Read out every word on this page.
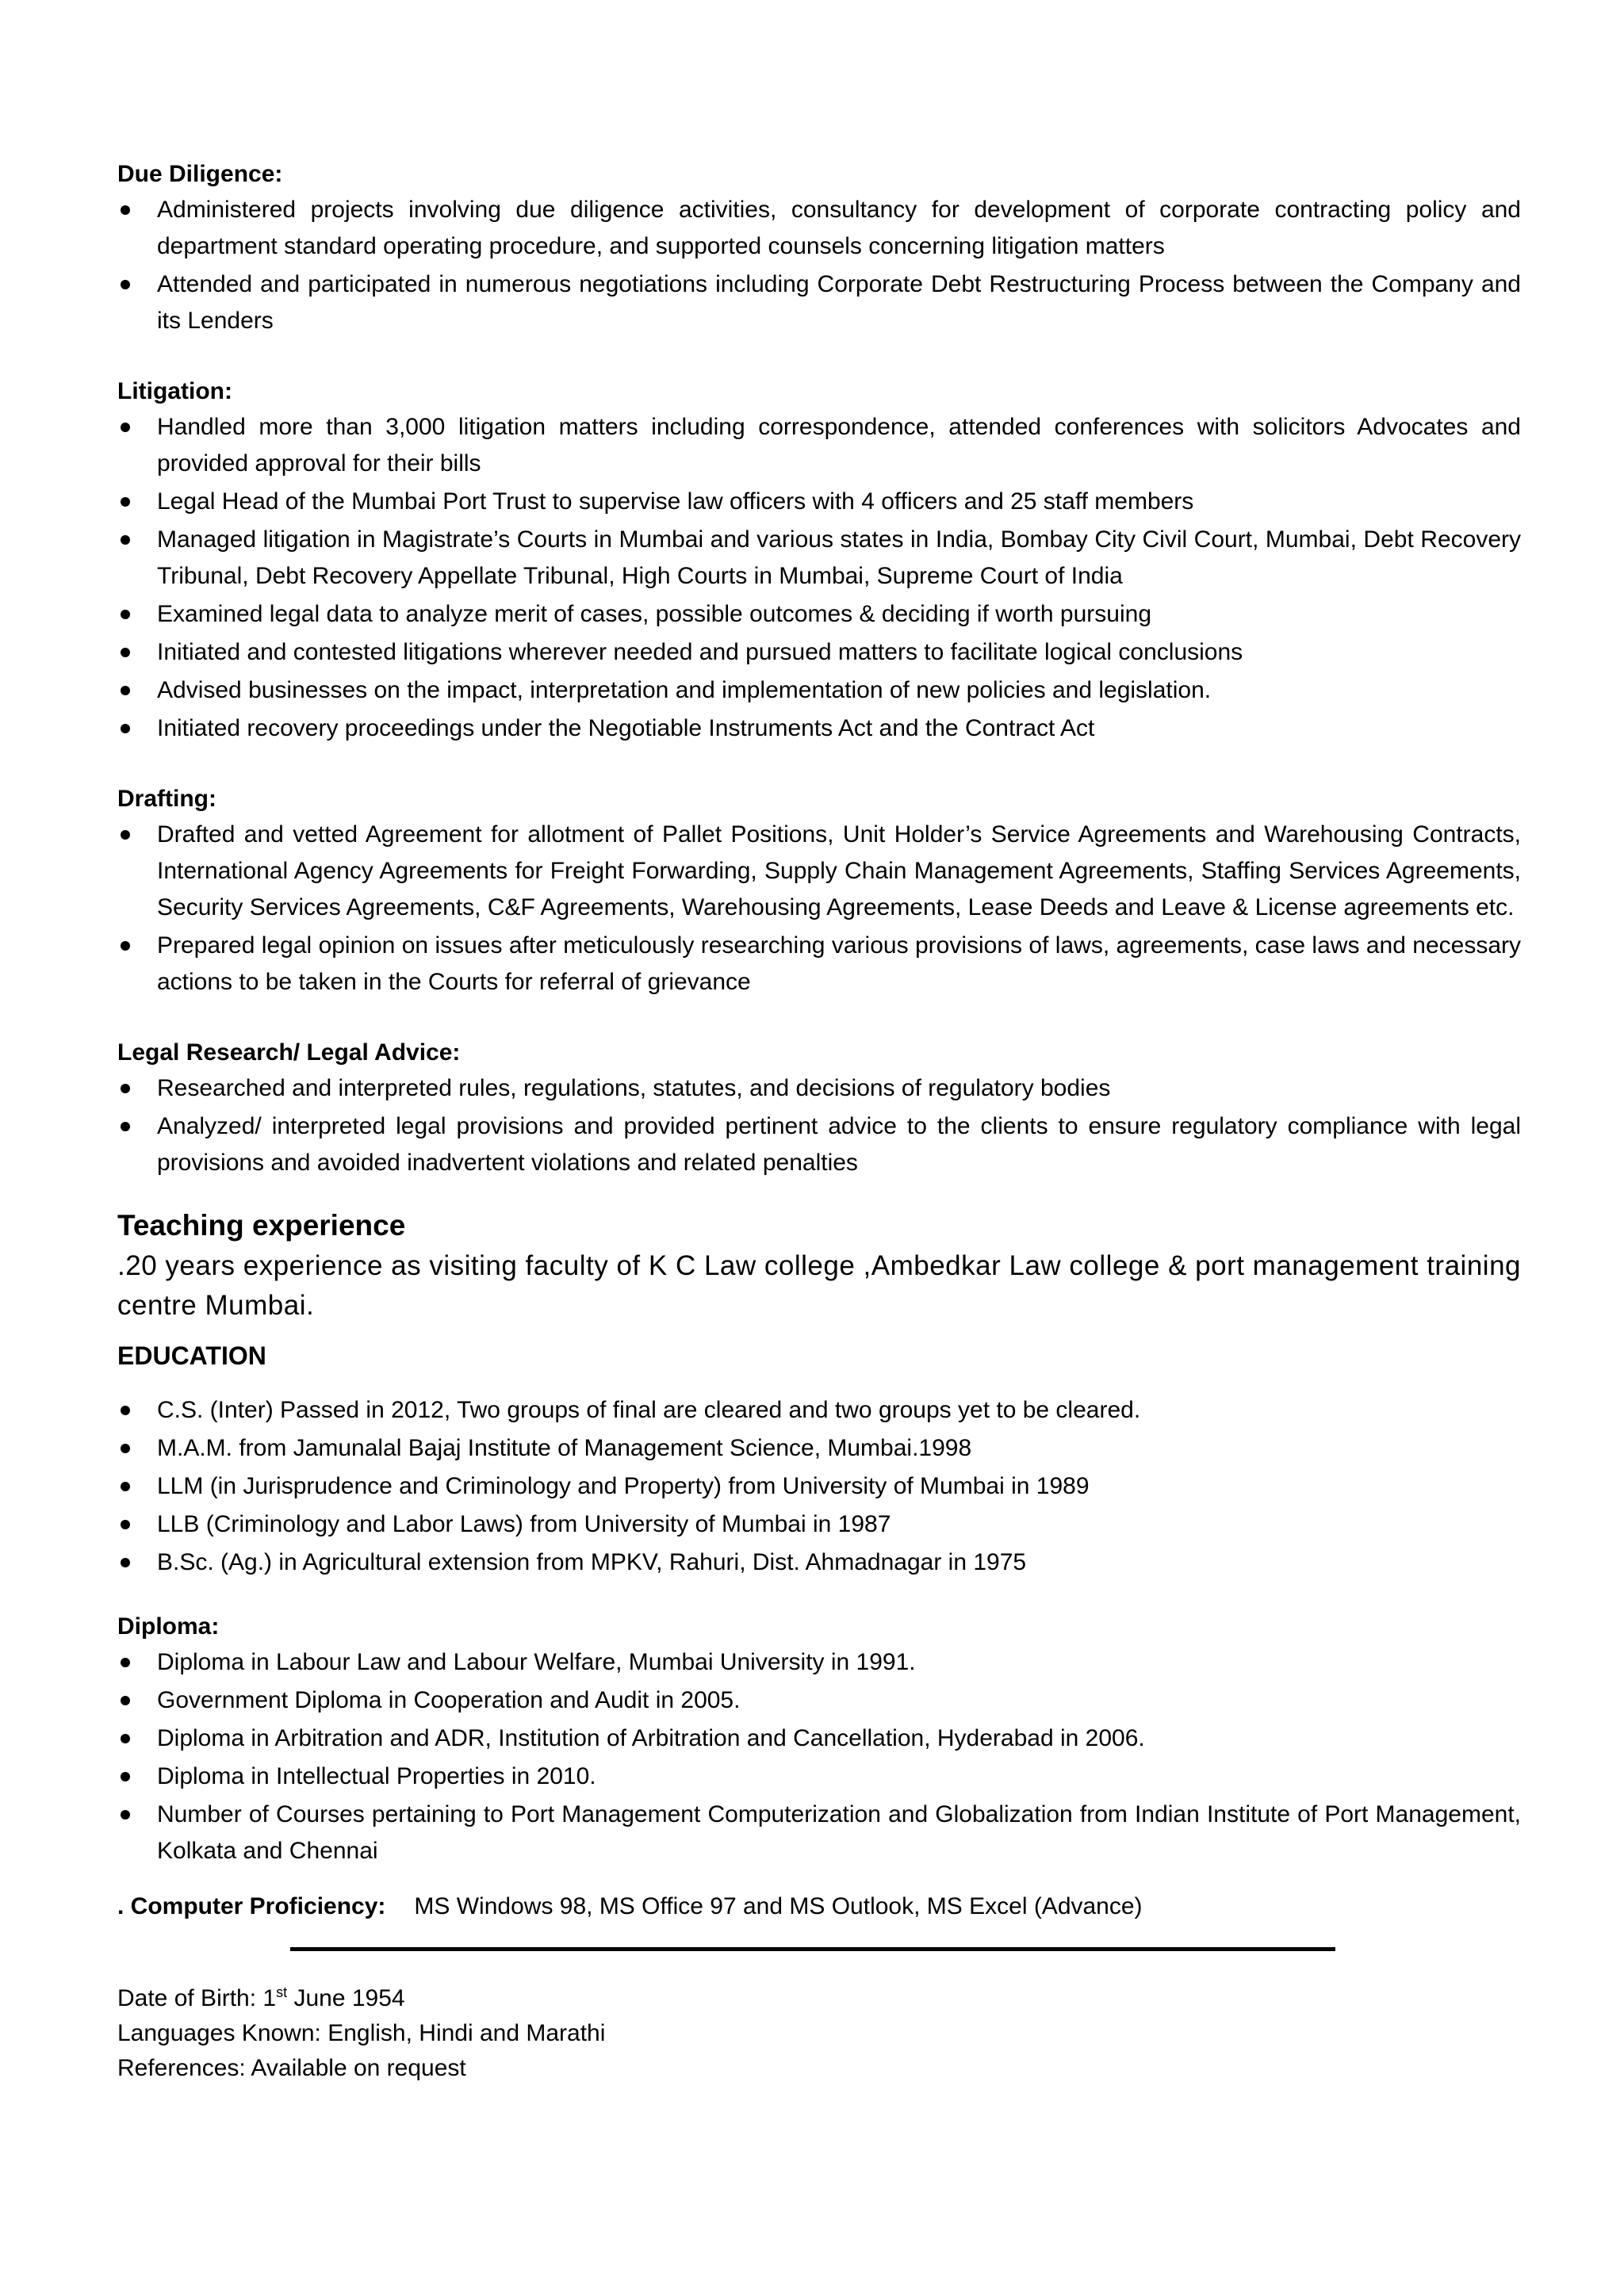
Due Diligence:

Administered projects involving due diligence activities, consultancy for development of corporate contracting policy and department standard operating procedure, and supported counsels concerning litigation matters
Attended and participated in numerous negotiations including Corporate Debt Restructuring Process between the Company and its Lenders

Litigation:

Handled more than 3,000 litigation matters including correspondence, attended conferences with solicitors Advocates and provided approval for their bills
Legal Head of the Mumbai Port Trust to supervise law officers with 4 officers and 25 staff members
Managed litigation in Magistrate’s Courts in Mumbai and various states in India, Bombay City Civil Court, Mumbai, Debt Recovery Tribunal, Debt Recovery Appellate Tribunal, High Courts in Mumbai, Supreme Court of India
Examined legal data to analyze merit of cases, possible outcomes & deciding if worth pursuing
Initiated and contested litigations wherever needed and pursued matters to facilitate logical conclusions
Advised businesses on the impact, interpretation and implementation of new policies and legislation.
Initiated recovery proceedings under the Negotiable Instruments Act and the Contract Act

Drafting:

Drafted and vetted Agreement for allotment of Pallet Positions, Unit Holder’s Service Agreements and Warehousing Contracts, International Agency Agreements for Freight Forwarding, Supply Chain Management Agreements, Staffing Services Agreements, Security Services Agreements, C&F Agreements, Warehousing Agreements, Lease Deeds and Leave & License agreements etc.
Prepared legal opinion on issues after meticulously researching various provisions of laws, agreements, case laws and necessary actions to be taken in the Courts for referral of grievance

Legal Research/ Legal Advice:

Researched and interpreted rules, regulations, statutes, and decisions of regulatory bodies
Analyzed/ interpreted legal provisions and provided pertinent advice to the clients to ensure regulatory compliance with legal provisions and avoided inadvertent violations and related penalties

Teaching experience

.20 years experience as visiting faculty of K C Law college ,Ambedkar Law college & port management training centre Mumbai.

EDUCATION

C.S. (Inter) Passed in 2012, Two groups of final are cleared and two groups yet to be cleared.
M.A.M. from Jamunalal Bajaj Institute of Management Science, Mumbai.1998
LLM (in Jurisprudence and Criminology and Property) from University of Mumbai in 1989
LLB (Criminology and Labor Laws) from University of Mumbai in 1987
B.Sc. (Ag.) in Agricultural extension from MPKV, Rahuri, Dist. Ahmadnagar in 1975

Diploma:

Diploma in Labour Law and Labour Welfare, Mumbai University in 1991.
Government Diploma in Cooperation and Audit in 2005.
Diploma in Arbitration and ADR, Institution of Arbitration and Cancellation, Hyderabad in 2006.
Diploma in Intellectual Properties in 2010.
Number of Courses pertaining to Port Management Computerization and Globalization from Indian Institute of Port Management, Kolkata and Chennai

. Computer Proficiency: MS Windows 98, MS Office 97 and MS Outlook, MS Excel (Advance)

Date of Birth: 1st June 1954

Languages Known: English, Hindi and Marathi

References: Available on request
